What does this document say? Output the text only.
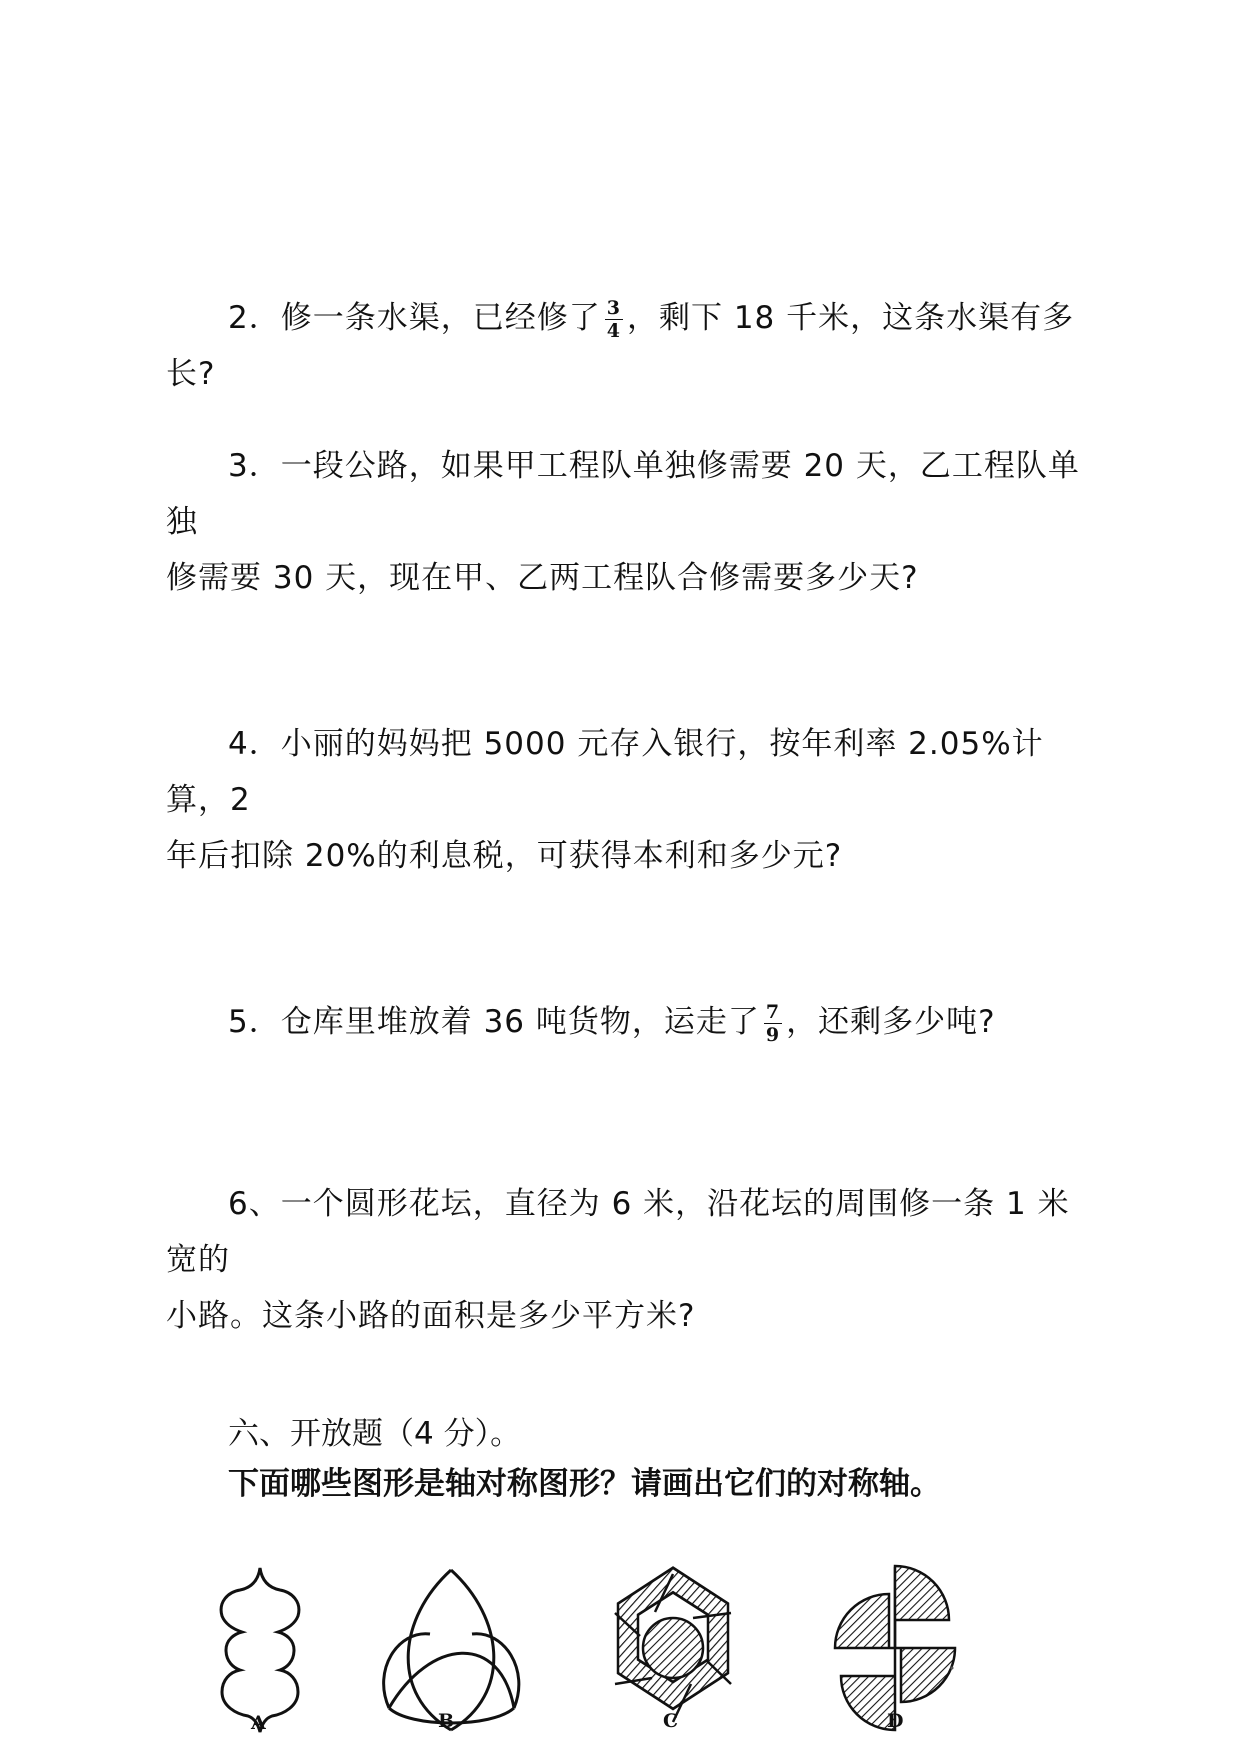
2．修一条水渠，已经修了 $\frac{3}{4}$ ，剩下 18 千米，这条水渠有多长?
3．一段公路，如果甲工程队单独修需要 20 天，乙工程队单独
修需要 30 天，现在甲、乙两工程队合修需要多少天?
4．小丽的妈妈把 5000 元存入银行，按年利率 2.05%计算，2
年后扣除 20%的利息税，可获得本利和多少元?
5．仓库里堆放着 36 吨货物，运走了 $\frac{7}{9}$ ，还剩多少吨?
6、一个圆形花坛，直径为 6 米，沿花坛的周围修一条 1 米宽的
小路。这条小路的面积是多少平方米?
六、开放题（4 分）。
下面哪些图形是轴对称图形？请画出它们的对称轴。
A	B	C	D
